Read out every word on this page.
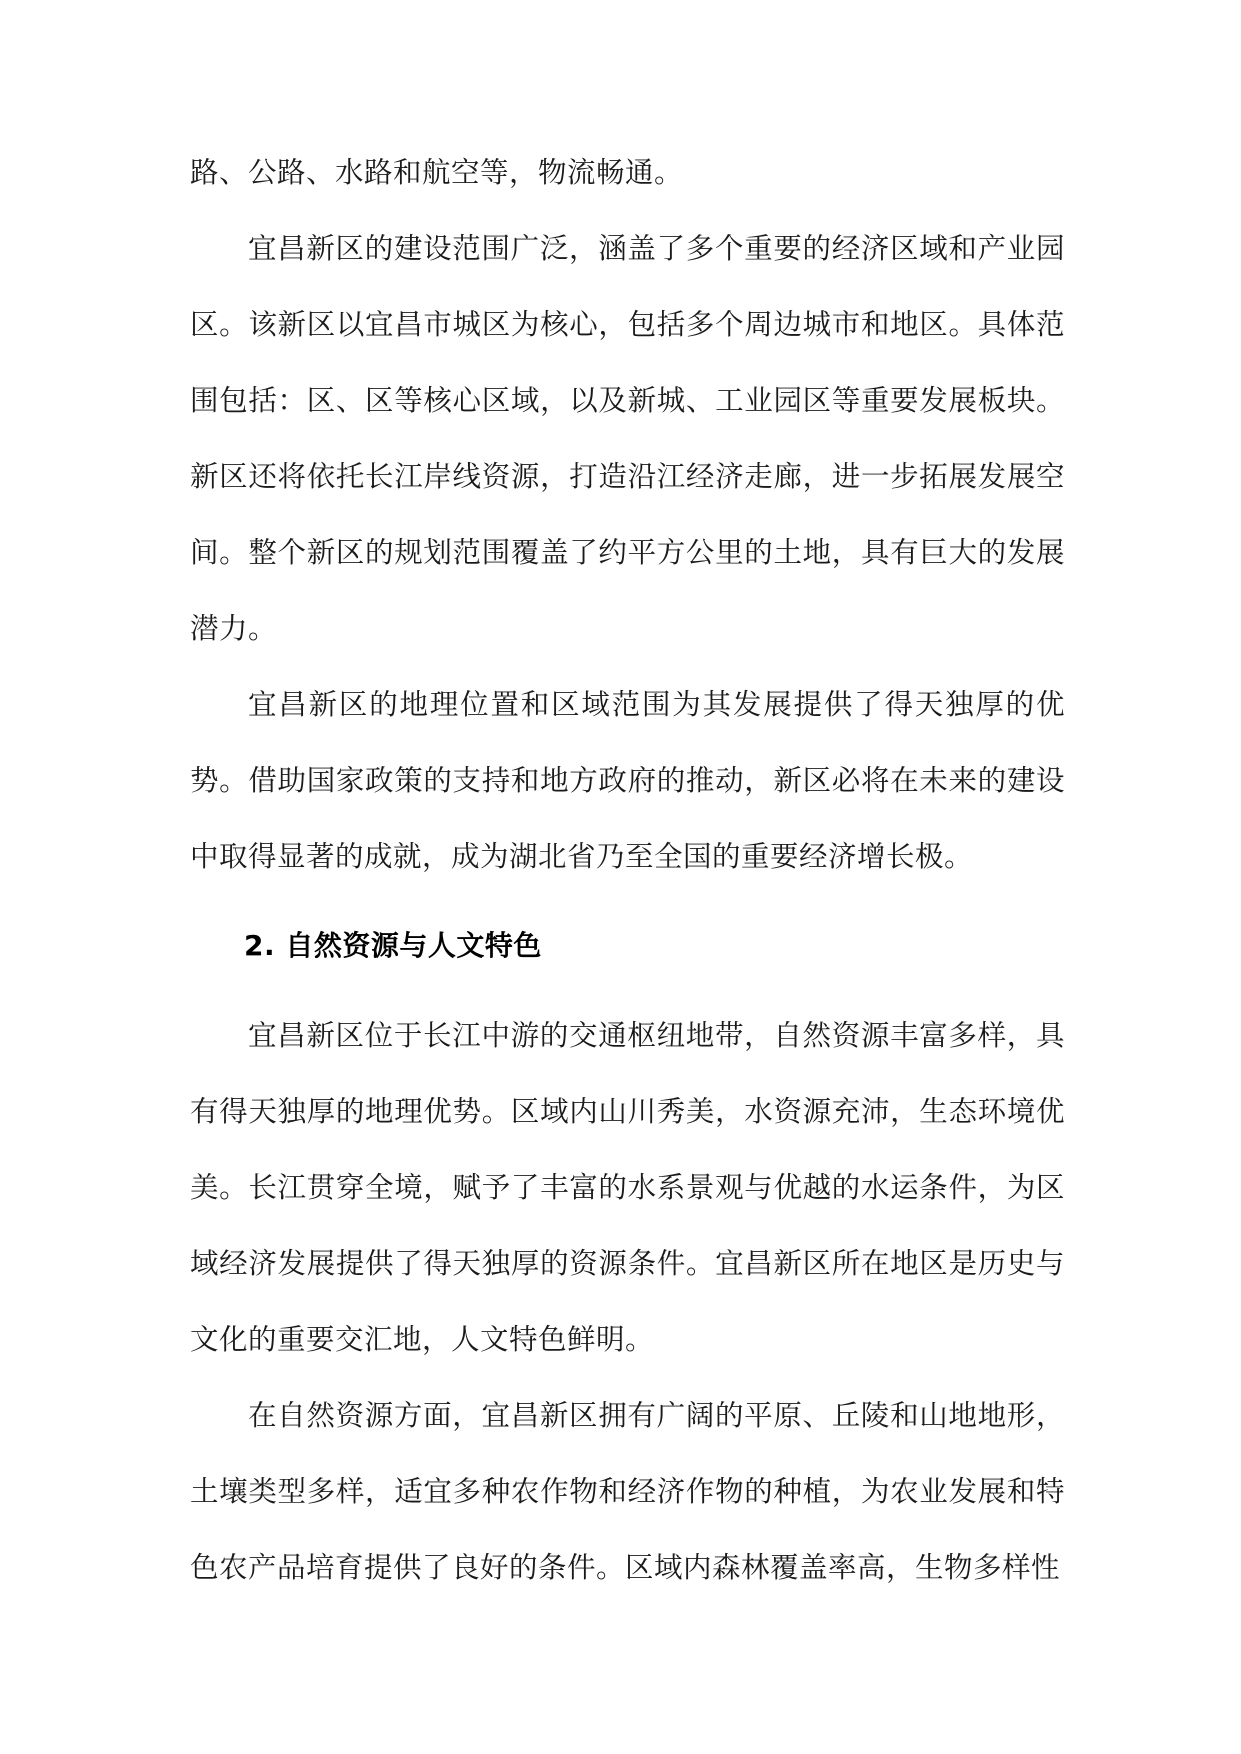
路、公路、水路和航空等，物流畅通。

宜昌新区的建设范围广泛，涵盖了多个重要的经济区域和产业园区。该新区以宜昌市城区为核心，包括多个周边城市和地区。具体范围包括：区、区等核心区域，以及新城、工业园区等重要发展板块。新区还将依托长江岸线资源，打造沿江经济走廊，进一步拓展发展空间。整个新区的规划范围覆盖了约平方公里的土地，具有巨大的发展潜力。

宜昌新区的地理位置和区域范围为其发展提供了得天独厚的优势。借助国家政策的支持和地方政府的推动，新区必将在未来的建设中取得显著的成就，成为湖北省乃至全国的重要经济增长极。

2. 自然资源与人文特色

宜昌新区位于长江中游的交通枢纽地带，自然资源丰富多样，具有得天独厚的地理优势。区域内山川秀美，水资源充沛，生态环境优美。长江贯穿全境，赋予了丰富的水系景观与优越的水运条件，为区域经济发展提供了得天独厚的资源条件。宜昌新区所在地区是历史与文化的重要交汇地，人文特色鲜明。

在自然资源方面，宜昌新区拥有广阔的平原、丘陵和山地地形，土壤类型多样，适宜多种农作物和经济作物的种植，为农业发展和特色农产品培育提供了良好的条件。区域内森林覆盖率高，生物多样性
